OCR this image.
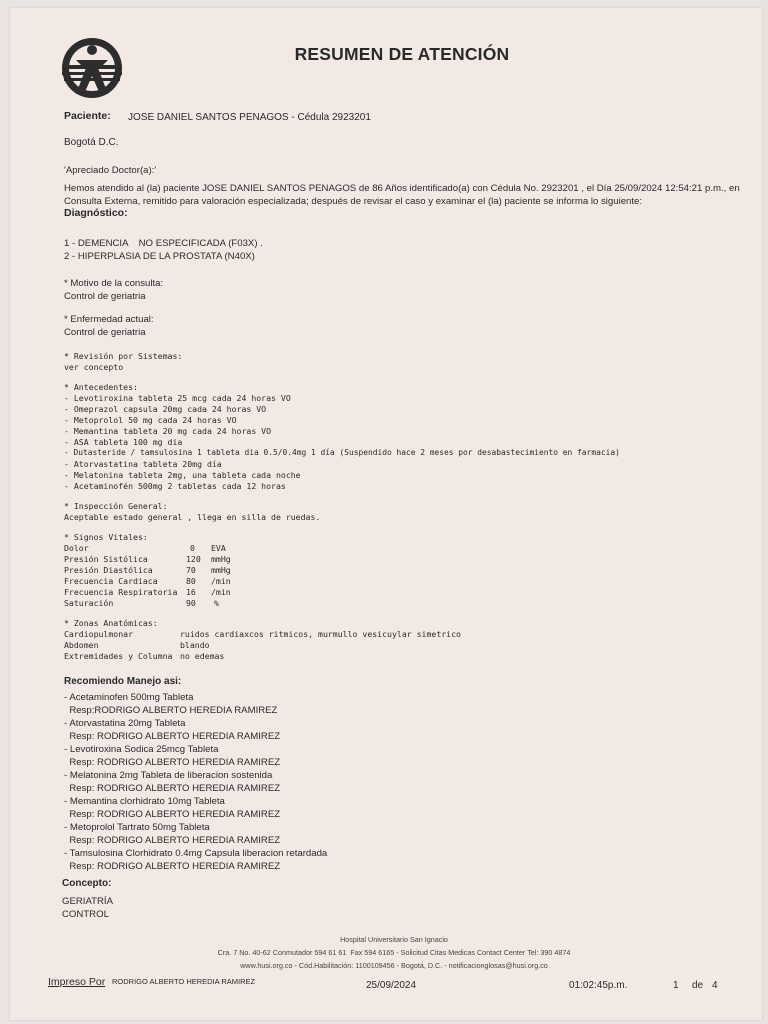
RESUMEN DE ATENCIÓN
Paciente: JOSE DANIEL SANTOS PENAGOS - Cédula 2923201
Bogotá D.C.
'Apreciado Doctor(a):'
Hemos atendido al (la) paciente JOSE DANIEL SANTOS PENAGOS de 86 Años identificado(a) con Cédula No. 2923201 , el Día 25/09/2024 12:54:21 p.m., en
Consulta Externa, remitido para valoración especializada; después de revisar el caso y examinar el (la) paciente se informa lo siguiente:
Diagnóstico:
1 - DEMENCIA    NO ESPECIFICADA (F03X) .
2 - HIPERPLASIA DE LA PROSTATA (N40X)
* Motivo de la consulta:
Control de geriatria
* Enfermedad actual:
Control de geriatria
* Revisión por Sistemas:
ver concepto
* Antecedentes:
- Levotiroxina tableta 25 mcg cada 24 horas VO
- Omeprazol capsula 20mg cada 24 horas VO
- Metoprolol 50 mg cada 24 horas VO
- Memantina tableta 20 mg cada 24 horas VO
- ASA tableta 100 mg dia
- Dutasteride / tamsulosina 1 tableta dia 0.5/0.4mg 1 día (Suspendido hace 2 meses por desabastecimiento en farmacia)
- Atorvastatina tableta 20mg día
- Melatonina tableta 2mg, una tableta cada noche
- Acetaminofén 500mg 2 tabletas cada 12 horas
* Inspección General:
Aceptable estado general , llega en silla de ruedas.
* Signos Vitales:
Dolor	0 EVA
Presión Sistólica	120 mmHg
Presión Diastólica	70 mmHg
Frecuencia Cardiaca	80 /min
Frecuencia Respiratoria 16 /min
Saturación	90 %
* Zonas Anatómicas:
Cardiopulmonar	ruidos cardiaxcos ritmicos, murmullo vesicuylar simetrico
Abdomen	blando
Extremidades y Columna no edemas
Recomiendo Manejo asi:
- Acetaminofen 500mg Tableta
Resp:RODRIGO ALBERTO HEREDIA RAMIREZ
- Atorvastatina 20mg Tableta
Resp: RODRIGO ALBERTO HEREDIA RAMIREZ
- Levotiroxina Sodica 25mcg Tableta
Resp: RODRIGO ALBERTO HEREDIA RAMIREZ
- Melatonina 2mg Tableta de liberacion sostenida
Resp: RODRIGO ALBERTO HEREDIA RAMIREZ
- Memantina clorhidrato 10mg Tableta
Resp: RODRIGO ALBERTO HEREDIA RAMIREZ
- Metoprolol Tartrato 50mg Tableta
Resp: RODRIGO ALBERTO HEREDIA RAMIREZ
- Tamsulosina Clorhidrato 0.4mg Capsula liberacion retardada
Resp: RODRIGO ALBERTO HEREDIA RAMIREZ
Concepto:
GERIATRÍA
CONTROL
Hospital Universitario San Ignacio
Cra. 7 No. 40-62 Conmutador 594 61 61  Fax 594 6165 - Solicitud Citas Medicas Contact Center Tel: 390 4874
www.husi.org.co - Cód.Habilitación: 1100109456 - Bogotá, D.C. - notificacionglosas@husi.org.co
Impreso Por RODRIGO ALBERTO HEREDIA RAMIREZ	25/09/2024	01:02:45p.m.	1 de 4
